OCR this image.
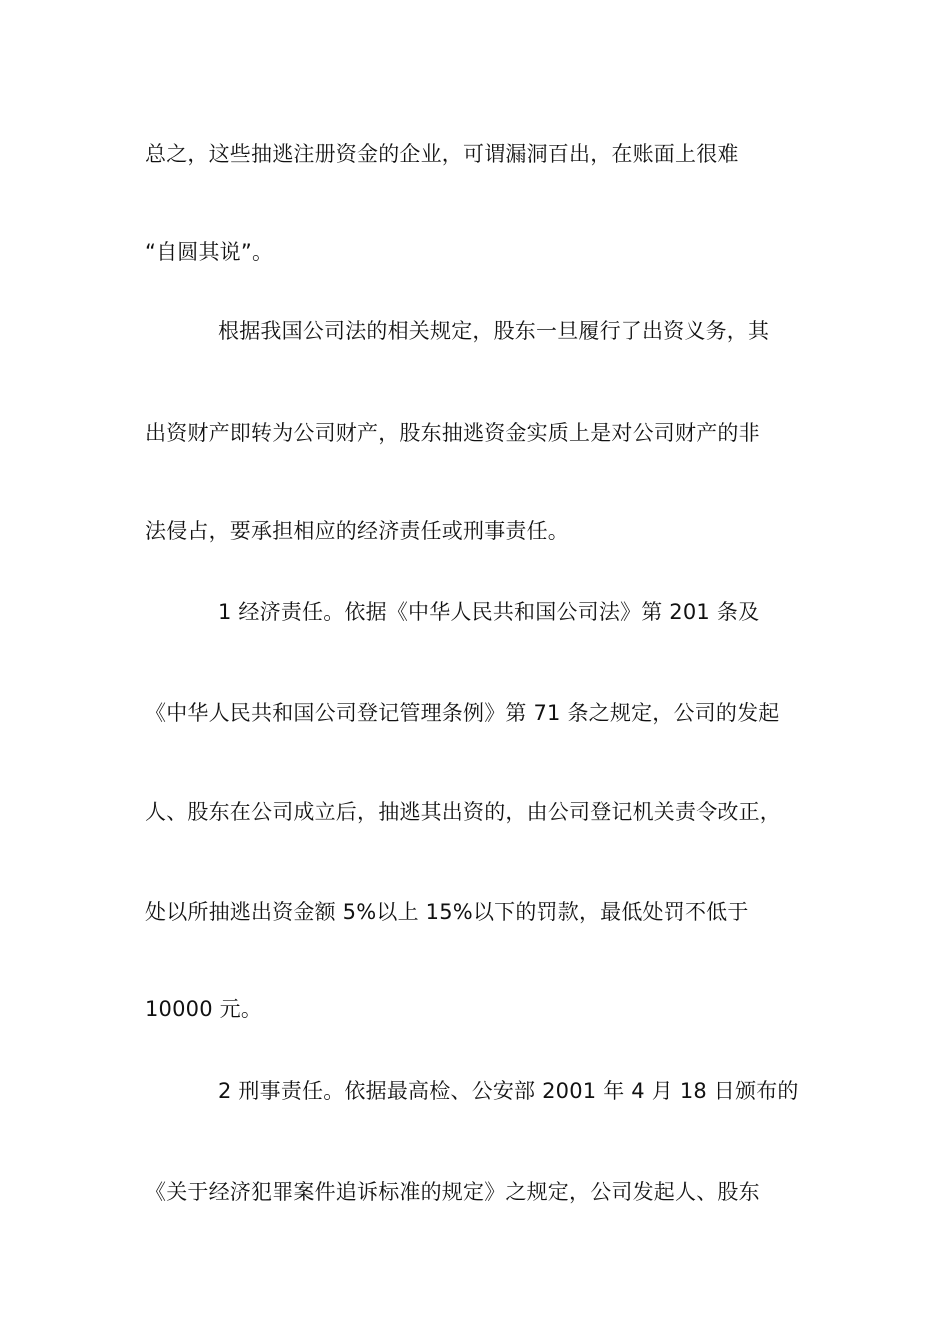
总之，这些抽逃注册资金的企业，可谓漏洞百出，在账面上很难
“自圆其说”。
根据我国公司法的相关规定，股东一旦履行了出资义务，其
出资财产即转为公司财产，股东抽逃资金实质上是对公司财产的非
法侵占，要承担相应的经济责任或刑事责任。
1 经济责任。依据《中华人民共和国公司法》第 201 条及
《中华人民共和国公司登记管理条例》第 71 条之规定，公司的发起
人、股东在公司成立后，抽逃其出资的，由公司登记机关责令改正，
处以所抽逃出资金额 5%以上 15%以下的罚款，最低处罚不低于
10000 元。
2 刑事责任。依据最高检、公安部 2001 年 4 月 18 日颁布的
《关于经济犯罪案件追诉标准的规定》之规定，公司发起人、股东
